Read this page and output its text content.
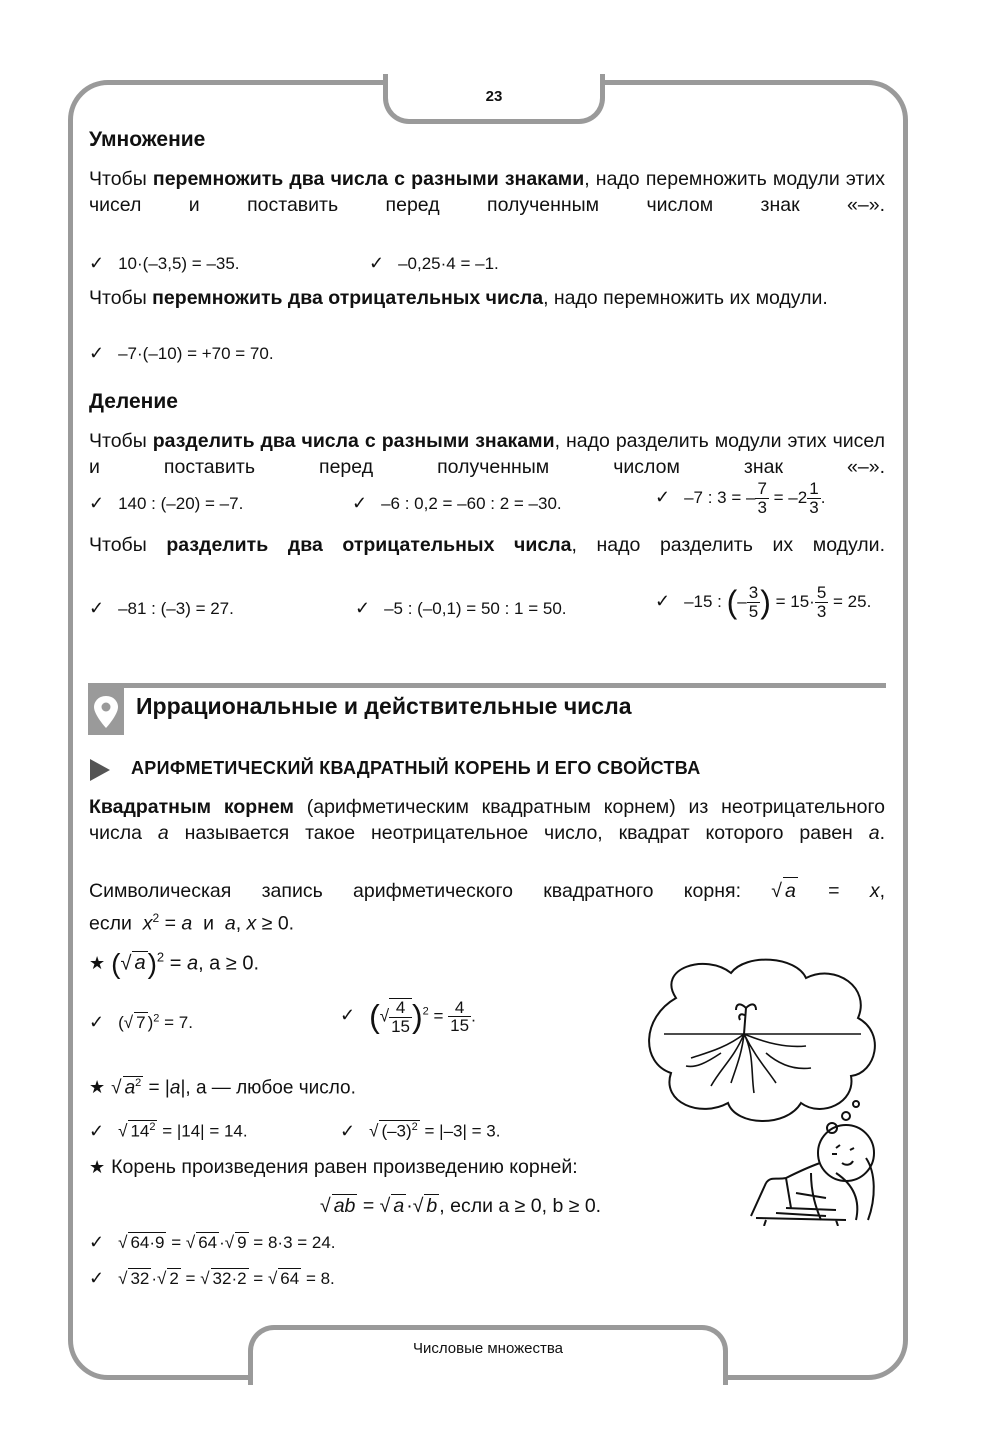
23
Числовые множества
Умножение
Чтобы перемножить два числа с разными знаками, надо перемножить модули этих чисел и поставить перед полученным числом знак «–».
✓ 10·(–3,5) = –35.	✓ –0,25·4 = –1.
Чтобы перемножить два отрицательных числа, надо перемножить их модули.
✓ –7·(–10) = +70 = 70.
Деление
Чтобы разделить два числа с разными знаками, надо разделить модули этих чисел и поставить перед полученным числом знак «–».
✓ 140 : (–20) = –7.	✓ –6 : 0,2 = –60 : 2 = –30.	✓ –7 : 3 = – $\frac{7}{3} = -2 \frac{1}{3}$ .
Чтобы разделить два отрицательных числа, надо разделить их модули.
✓ –81 : (–3) = 27.	✓ –5 : (–0,1) = 50 : 1 = 50.	✓ –15 : (– $\frac{3}{5}$ ) = $15\cdot \frac{5}{3} = 25$.
Иррациональные и действительные числа
АРИФМЕТИЧЕСКИЙ КВАДРАТНЫЙ КОРЕНЬ И ЕГО СВОЙСТВА
Квадратным корнем (арифметическим квадратным корнем) из неотрицательного числа a называется такое неотрицательное число, квадрат которого равен a.
Символическая запись арифметического квадратного корня: √ a = x,
если $x^2 = a$  и  a, x ≥ 0.
★ (√ a)$^2$ = a, a ≥ 0.
✓ (√ 7 )$^2$ = 7.	✓ (√ $\frac{4}{15} )^2 = \frac{4}{15}$ .
★ √ $a^2 = |a|$, a — любое число.
✓ √ $14^2 = |14| = 14$.	✓ √ $(-3)^2 = |-3| = 3$.
★ Корень произведения равен произведению корней:
√ ab = √ a ·√ b , если a ≥ 0, b ≥ 0.
✓ √ 64·9 = √ 64 ·√ 9 = 8·3 = 24.
✓ √ 32 ·√ 2 = √ 32·2 = √ 64 = 8.
